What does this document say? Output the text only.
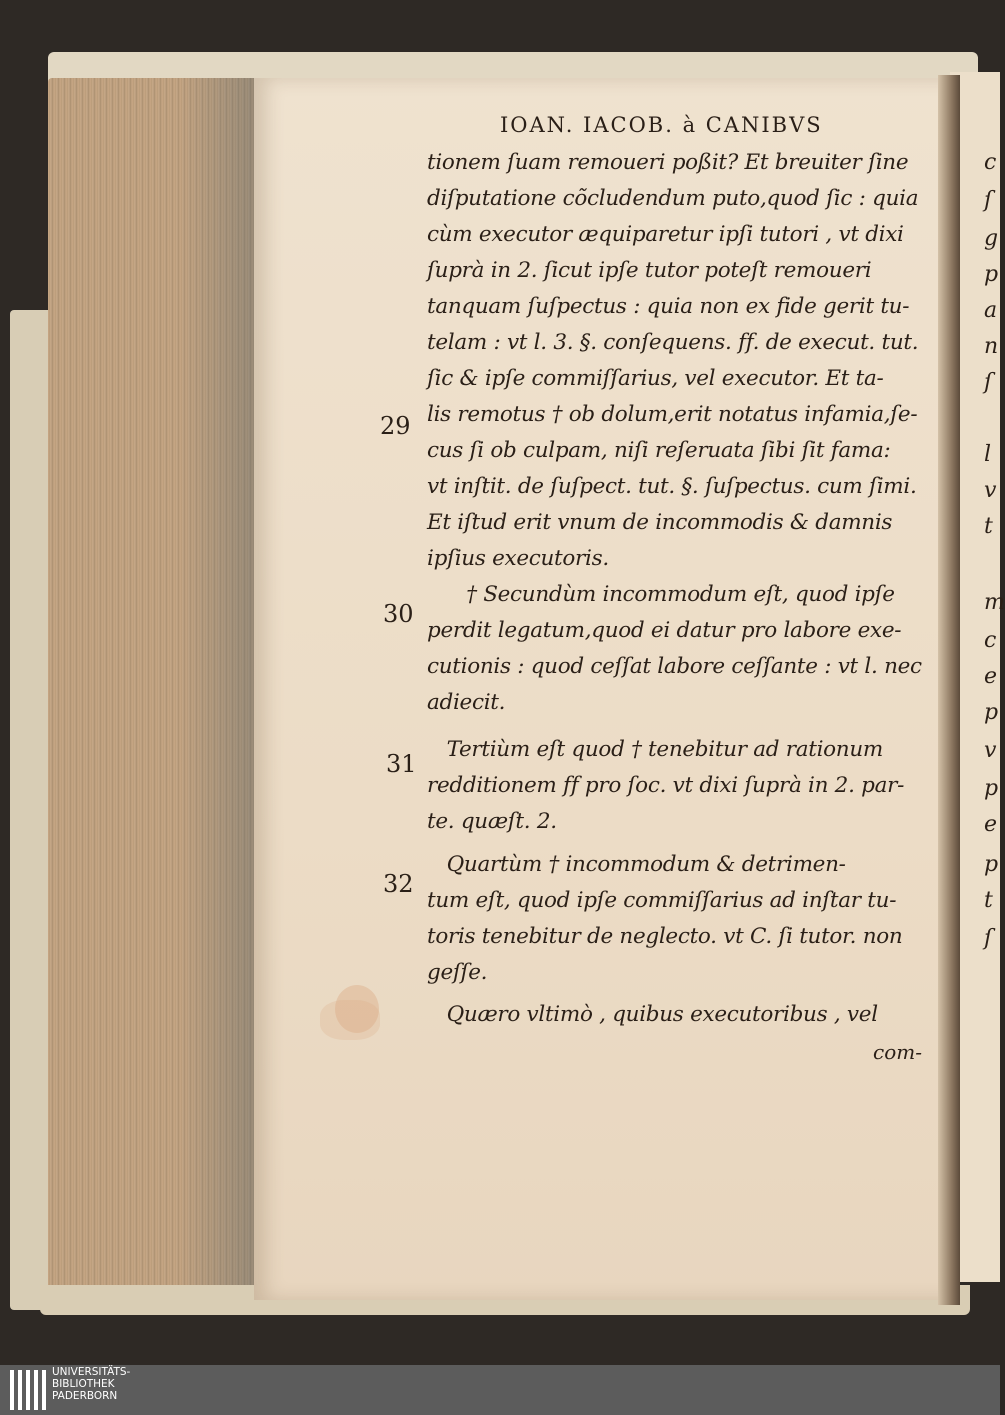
IOAN. IACOB. à CANIBVS
tionem ſuam remoueri poßit? Et breuiter ſine
diſputatione cõcludendum puto,quod ſic : quia
cùm executor æquiparetur ipſi tutori , vt dixi
ſuprà in 2. ſicut ipſe tutor poteſt remoueri
tanquam ſuſpectus : quia non ex fide gerit tu-
telam : vt l. 3. §. conſequens. ff. de execut. tut.
ſic & ipſe commiſſarius, vel executor. Et ta-
lis remotus † ob dolum,erit notatus infamia,ſe-
cus ſi ob culpam, niſi reſeruata ſibi ſit fama:
vt inſtit. de ſuſpect. tut. §. ſuſpectus. cum ſimi.
Et iſtud erit vnum de incommodis & damnis
ipſius executoris.
† Secundùm incommodum eſt, quod ipſe
perdit legatum,quod ei datur pro labore exe-
cutionis : quod ceſſat labore ceſſante : vt l. nec
adiecit.
Tertiùm eſt quod † tenebitur ad rationum
redditionem ff pro ſoc. vt dixi ſuprà in 2. par-
te. quæſt. 2.
Quartùm † incommodum & detrimen-
tum eſt, quod ipſe commiſſarius ad inſtar tu-
toris tenebitur de neglecto. vt C. ſi tutor. non
geſſe.
Quæro vltimò , quibus executoribus , vel
com-
29
30
31
32
c
ſ
g
p
a
n
ſ
l
v
t
m
c
e
p
v
p
e
p
t
ſ
UNIVERSITÄTS-
BIBLIOTHEK
PADERBORN
